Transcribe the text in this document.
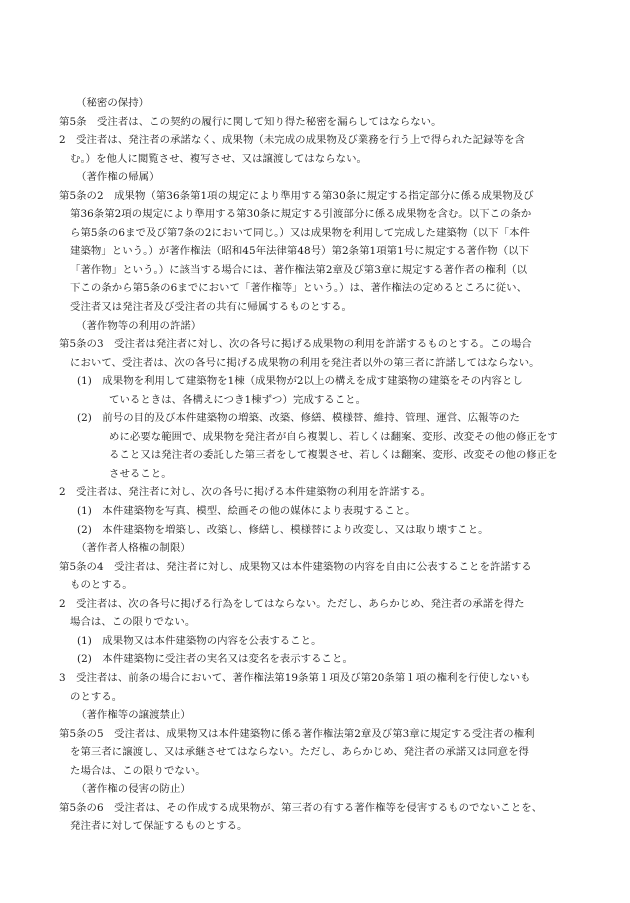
（秘密の保持）
第5条　受注者は、この契約の履行に関して知り得た秘密を漏らしてはならない。
2　受注者は、発注者の承諾なく、成果物（未完成の成果物及び業務を行う上で得られた記録等を含
む。）を他人に閲覧させ、複写させ、又は譲渡してはならない。
（著作権の帰属）
第5条の2　成果物（第36条第1項の規定により準用する第30条に規定する指定部分に係る成果物及び
第36条第2項の規定により準用する第30条に規定する引渡部分に係る成果物を含む。以下この条か
ら第5条の6まで及び第7条の2において同じ。）又は成果物を利用して完成した建築物（以下「本件
建築物」という。）が著作権法（昭和45年法律第48号）第2条第1項第1号に規定する著作物（以下
「著作物」という。）に該当する場合には、著作権法第2章及び第3章に規定する著作者の権利（以
下この条から第5条の6までにおいて「著作権等」という。）は、著作権法の定めるところに従い、
受注者又は発注者及び受注者の共有に帰属するものとする。
（著作物等の利用の許諾）
第5条の3　受注者は発注者に対し、次の各号に掲げる成果物の利用を許諾するものとする。この場合
において、受注者は、次の各号に掲げる成果物の利用を発注者以外の第三者に許諾してはならない。
(1)　成果物を利用して建築物を1棟（成果物が2以上の構えを成す建築物の建築をその内容とし
ているときは、各構えにつき1棟ずつ）完成すること。
(2)　前号の目的及び本件建築物の増築、改築、修繕、模様替、維持、管理、運営、広報等のた
めに必要な範囲で、成果物を発注者が自ら複製し、若しくは翻案、変形、改変その他の修正をす
ること又は発注者の委託した第三者をして複製させ、若しくは翻案、変形、改変その他の修正を
させること。
2　受注者は、発注者に対し、次の各号に掲げる本件建築物の利用を許諾する。
(1)　本件建築物を写真、模型、絵画その他の媒体により表現すること。
(2)　本件建築物を増築し、改築し、修繕し、模様替により改変し、又は取り壊すこと。
（著作者人格権の制限）
第5条の4　受注者は、発注者に対し、成果物又は本件建築物の内容を自由に公表することを許諾する
ものとする。
2　受注者は、次の各号に掲げる行為をしてはならない。ただし、あらかじめ、発注者の承諾を得た
場合は、この限りでない。
(1)　成果物又は本件建築物の内容を公表すること。
(2)　本件建築物に受注者の実名又は変名を表示すること。
3　受注者は、前条の場合において、著作権法第19条第１項及び第20条第１項の権利を行使しないも
のとする。
（著作権等の譲渡禁止）
第5条の5　受注者は、成果物又は本件建築物に係る著作権法第2章及び第3章に規定する受注者の権利
を第三者に譲渡し、又は承継させてはならない。ただし、あらかじめ、発注者の承諾又は同意を得
た場合は、この限りでない。
（著作権の侵害の防止）
第5条の6　受注者は、その作成する成果物が、第三者の有する著作権等を侵害するものでないことを、
発注者に対して保証するものとする。
